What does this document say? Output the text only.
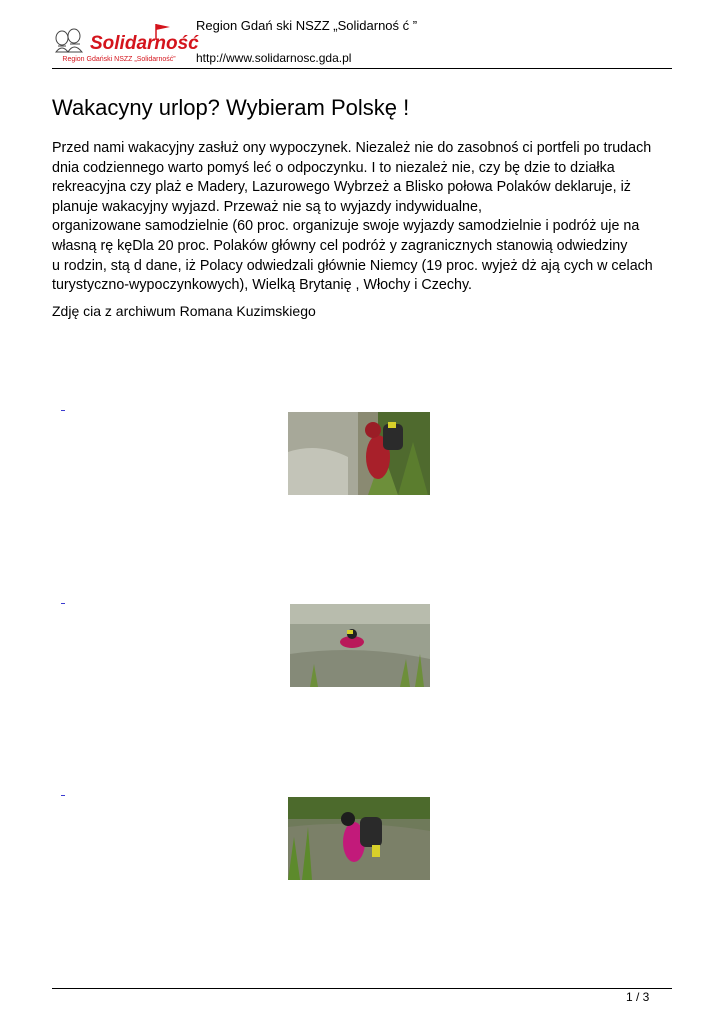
Solidarność
Region Gdański NSZZ „Solidarność”
Region Gdań ski NSZZ „Solidarnoś ć ”
http://www.solidarnosc.gda.pl
Wakacyny urlop? Wybieram Polskę !
Przed nami wakacyjny zasłuż ony wypoczynek. Niezależ nie do zasobnoś ci portfeli po trudach
dnia codziennego warto pomyś leć o odpoczynku. I to niezależ nie, czy bę dzie to działka
rekreacyjna czy plaż e Madery, Lazurowego Wybrzeż a Blisko połowa Polaków deklaruje, iż
planuje wakacyjny wyjazd. Przeważ nie są to wyjazdy indywidualne,
organizowane samodzielnie (60 proc. organizuje swoje wyjazdy samodzielnie i podróż uje na
własną rę kęDla 20 proc. Polaków główny cel podróż y zagranicznych stanowią odwiedziny
u rodzin, stą d dane, iż Polacy odwiedzali głównie Niemcy (19 proc. wyjeż dż ają cych w celach
turystyczno-wypoczynkowych), Wielką Brytanię , Włochy i Czechy.
Zdję cia z archiwum Romana Kuzimskiego
1 / 3
